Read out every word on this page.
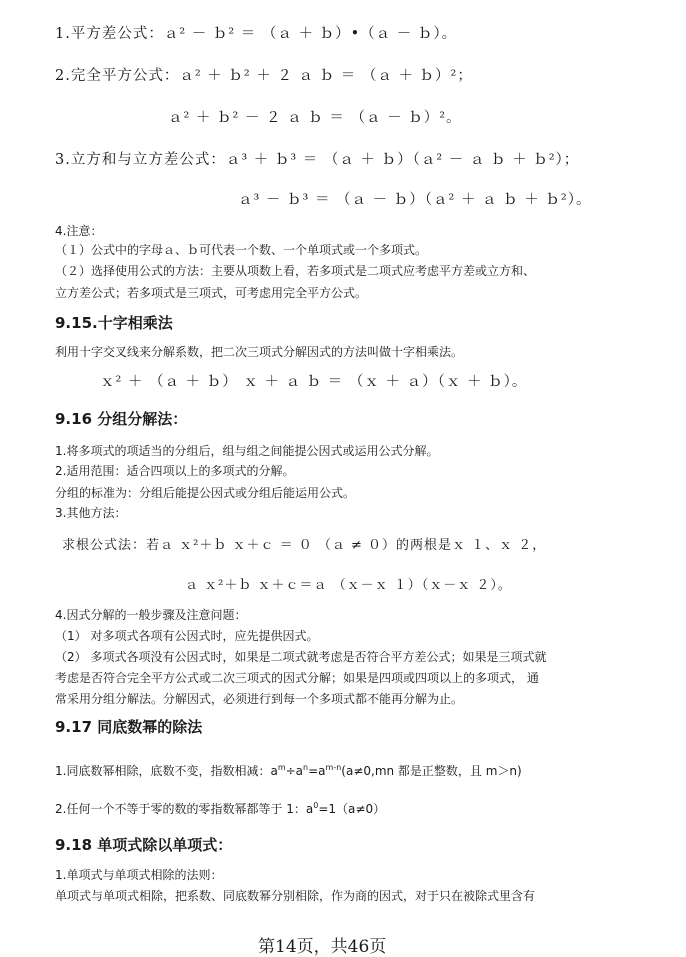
1.平方差公式：ａ² － ｂ² ＝ （ａ ＋ ｂ）•（ａ － ｂ）。
2.完全平方公式：ａ² ＋ ｂ² ＋ ２ ａ ｂ ＝ （ａ ＋ ｂ）²；
ａ² ＋ ｂ² － ２ ａ ｂ ＝ （ａ － ｂ）²。
3.立方和与立方差公式：ａ³ ＋ ｂ³ ＝ （ａ ＋ ｂ）（ａ² － ａ ｂ ＋ ｂ²）；
ａ³ － ｂ³ ＝ （ａ － ｂ）（ａ² ＋ ａ ｂ ＋ ｂ²）。
4.注意：
（１）公式中的字母ａ、ｂ可代表一个数、一个单项式或一个多项式。
（２）选择使用公式的方法：主要从项数上看，若多项式是二项式应考虑平方差或立方和、
立方差公式；若多项式是三项式，可考虑用完全平方公式。
9.15.十字相乘法
利用十字交叉线来分解系数，把二次三项式分解因式的方法叫做十字相乘法。
ｘ² ＋ （ａ ＋ ｂ） ｘ ＋ ａ ｂ ＝ （ｘ ＋ ａ）（ｘ ＋ ｂ）。
9.16 分组分解法：
1.将多项式的项适当的分组后，组与组之间能提公因式或运用公式分解。
2.适用范围：适合四项以上的多项式的分解。
分组的标准为：分组后能提公因式或分组后能运用公式。
3.其他方法：
求根公式法：若ａ ｘ²＋ｂ ｘ＋ｃ ＝ ０ （ａ ≠ ０）的两根是ｘ １、ｘ ２，
ａ ｘ²＋ｂ ｘ＋ｃ＝ａ （ｘ－ｘ １）（ｘ－ｘ ２）。
4.因式分解的一般步骤及注意问题：
（1） 对多项式各项有公因式时，应先提供因式。
（2） 多项式各项没有公因式时，如果是二项式就考虑是否符合平方差公式；如果是三项式就
考虑是否符合完全平方公式或二次三项式的因式分解；如果是四项或四项以上的多项式， 通
常采用分组分解法。分解因式，必须进行到每一个多项式都不能再分解为止。
9.17 同底数幂的除法
1.同底数幂相除，底数不变，指数相减：$a^m\div a^n=a^{m-n}(a\ne 0,mn$ 都是正整数，且 m＞n)
2.任何一个不等于零的数的零指数幂都等于 1：$a^0=1(a\ne 0)$
9.18 单项式除以单项式：
1.单项式与单项式相除的法则：
单项式与单项式相除，把系数、同底数幂分别相除，作为商的因式，对于只在被除式里含有
第14页，共46页
